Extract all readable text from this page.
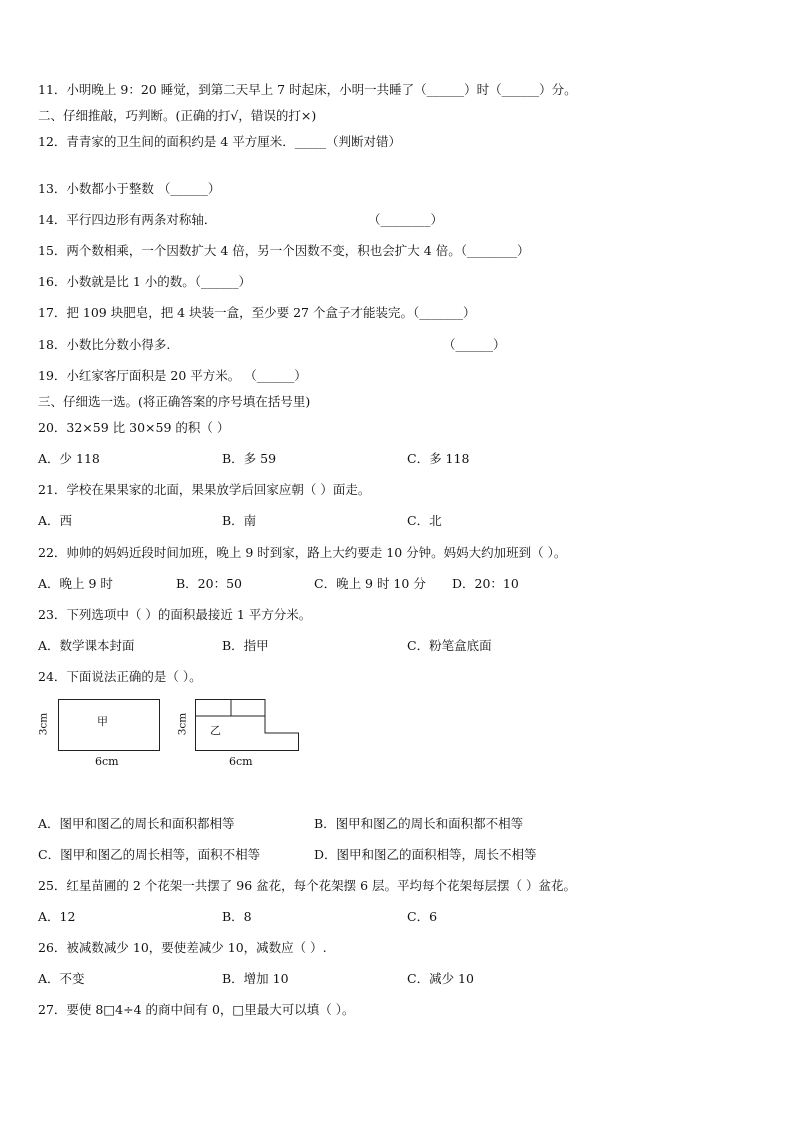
11．小明晚上 9：20 睡觉，到第二天早上 7 时起床，小明一共睡了（______）时（______）分。
二、仔细推敲，巧判断。(正确的打√，错误的打×)
12．青青家的卫生间的面积约是 4 平方厘米．_____（判断对错）
13．小数都小于整数 （______）
14．平行四边形有两条对称轴．	（________）
15．两个数相乘，一个因数扩大 4 倍，另一个因数不变，积也会扩大 4 倍。（________）
16．小数就是比 1 小的数。（______）
17．把 109 块肥皂，把 4 块装一盒，至少要 27 个盒子才能装完。（_______）
18．小数比分数小得多.	（______）
19．小红家客厅面积是 20 平方米。 （______）
三、仔细选一选。(将正确答案的序号填在括号里)
20．32×59 比 30×59 的积（ ）
A．少 118	B．多 59	C．多 118
21．学校在果果家的北面，果果放学后回家应朝（ ）面走。
A．西	B．南	C．北
22．帅帅的妈妈近段时间加班，晚上 9 时到家，路上大约要走 10 分钟。妈妈大约加班到（ ）。
A．晚上 9 时	B．20：50	C．晚上 9 时 10 分 D．20：10
23．下列选项中（ ）的面积最接近 1 平方分米。
A．数学课本封面	B．指甲	C．粉笔盒底面
24．下面说法正确的是（ ）。
甲
3cm
6cm
乙
3cm
6cm
A．图甲和图乙的周长和面积都相等	B．图甲和图乙的周长和面积都不相等
C．图甲和图乙的周长相等，面积不相等	D．图甲和图乙的面积相等，周长不相等
25．红星苗圃的 2 个花架一共摆了 96 盆花，每个花架摆 6 层。平均每个花架每层摆（ ）盆花。
A．12	B．8	C．6
26．被减数减少 10，要使差减少 10，减数应（ ）.
A．不变	B．增加 10	C．减少 10
27．要使 8□4÷4 的商中间有 0，□里最大可以填（ ）。
